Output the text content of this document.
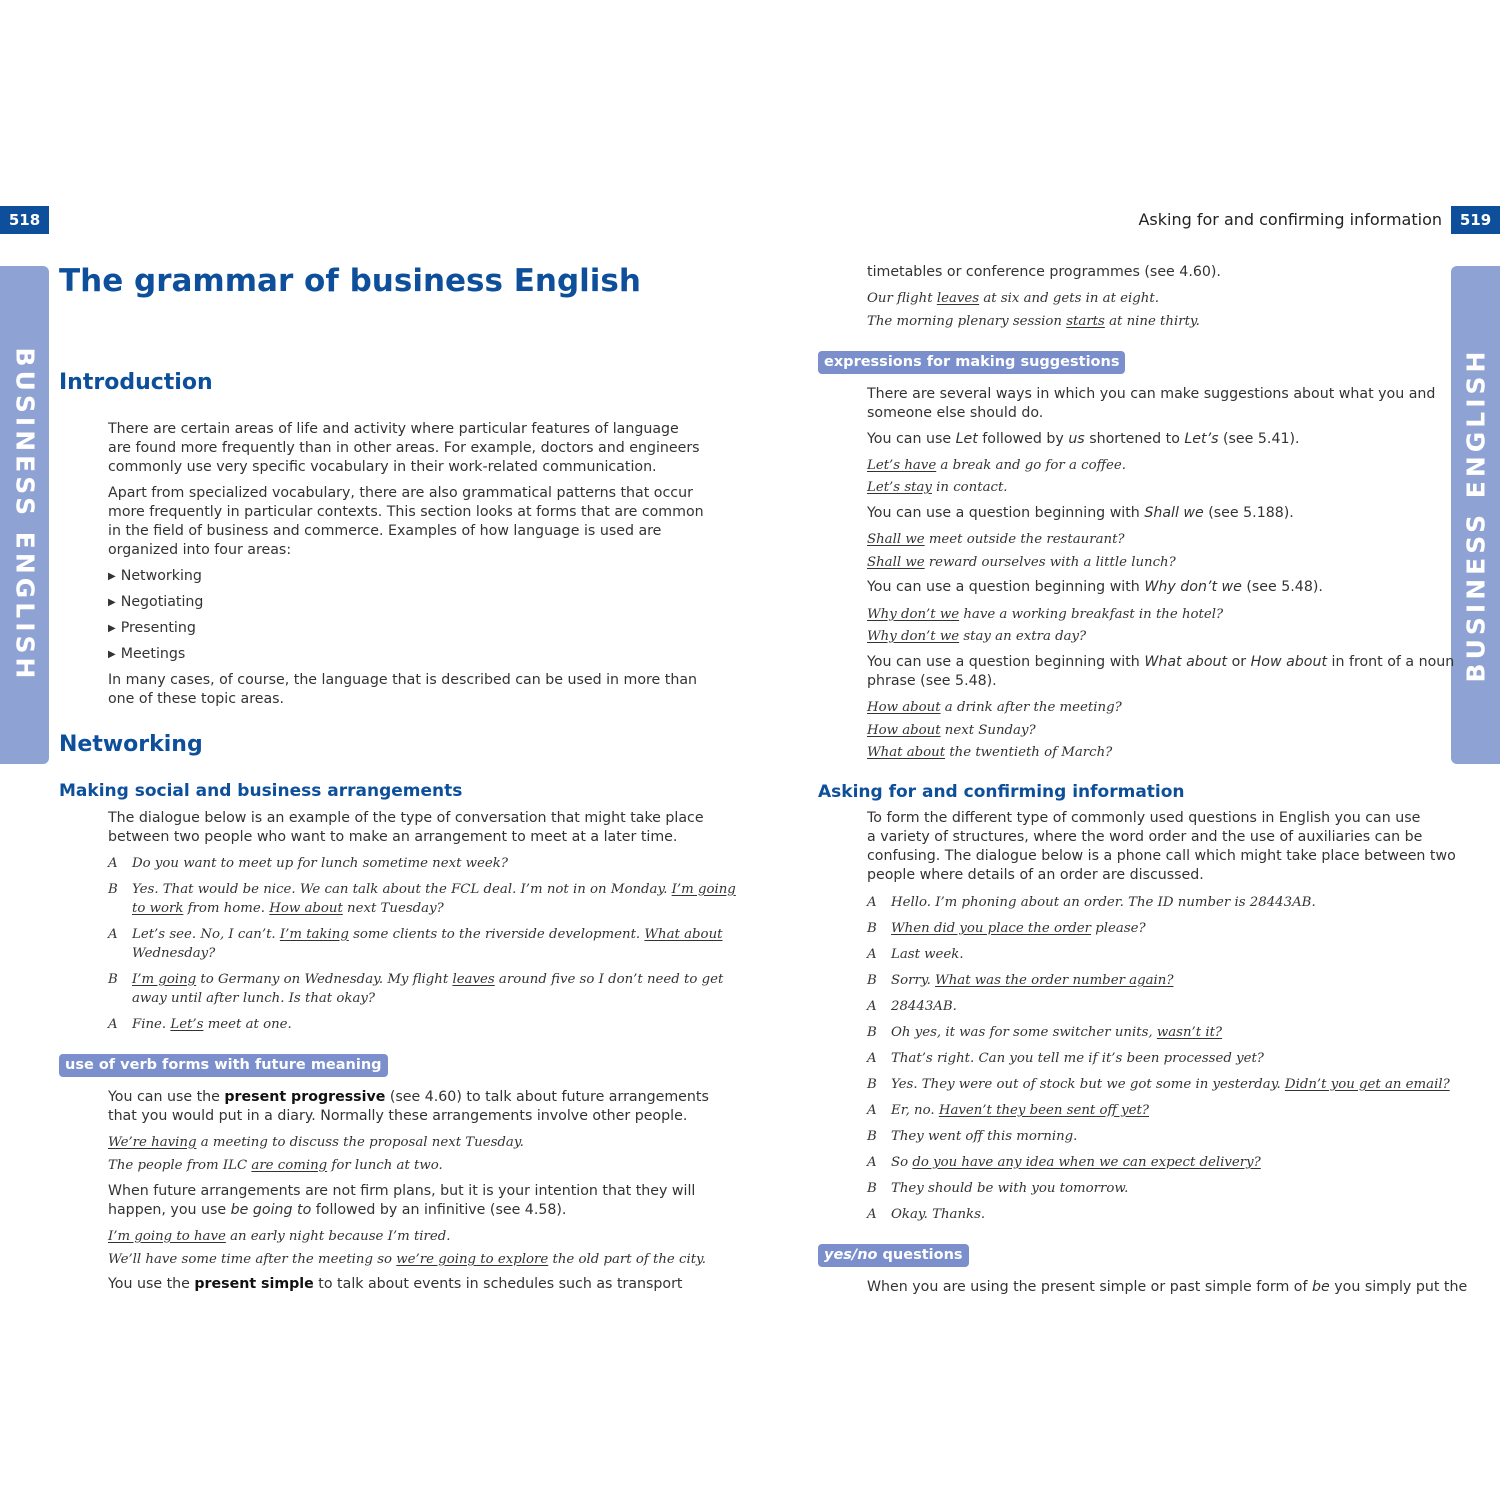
518	519
Asking for and confirming information
BUSINESS ENGLISH	BUSINESS ENGLISH
The grammar of business English
Introduction
There are certain areas of life and activity where particular features of language
are found more frequently than in other areas. For example, doctors and engineers
commonly use very specific vocabulary in their work-related communication.
Apart from specialized vocabulary, there are also grammatical patterns that occur
more frequently in particular contexts. This section looks at forms that are common
in the field of business and commerce. Examples of how language is used are
organized into four areas:
▶ Networking
▶ Negotiating
▶ Presenting
▶ Meetings
In many cases, of course, the language that is described can be used in more than
one of these topic areas.
Networking
Making social and business arrangements
The dialogue below is an example of the type of conversation that might take place
between two people who want to make an arrangement to meet at a later time.
A	Do you want to meet up for lunch sometime next week?
B	Yes. That would be nice. We can talk about the FCL deal. I’m not in on Monday. I’m going
to work from home. How about next Tuesday?
A	Let’s see. No, I can’t. I’m taking some clients to the riverside development. What about
Wednesday?
B	I’m going to Germany on Wednesday. My flight leaves around five so I don’t need to get
away until after lunch. Is that okay?
A	Fine. Let’s meet at one.
use of verb forms with future meaning
You can use the present progressive (see 4.60) to talk about future arrangements
that you would put in a diary. Normally these arrangements involve other people.
We’re having a meeting to discuss the proposal next Tuesday.
The people from ILC are coming for lunch at two.
When future arrangements are not firm plans, but it is your intention that they will
happen, you use be going to followed by an infinitive (see 4.58).
I’m going to have an early night because I’m tired.
We’ll have some time after the meeting so we’re going to explore the old part of the city.
You use the present simple to talk about events in schedules such as transport
timetables or conference programmes (see 4.60).
Our flight leaves at six and gets in at eight.
The morning plenary session starts at nine thirty.
expressions for making suggestions
There are several ways in which you can make suggestions about what you and
someone else should do.
You can use Let followed by us shortened to Let’s (see 5.41).
Let’s have a break and go for a coffee.
Let’s stay in contact.
You can use a question beginning with Shall we (see 5.188).
Shall we meet outside the restaurant?
Shall we reward ourselves with a little lunch?
You can use a question beginning with Why don’t we (see 5.48).
Why don’t we have a working breakfast in the hotel?
Why don’t we stay an extra day?
You can use a question beginning with What about or How about in front of a noun
phrase (see 5.48).
How about a drink after the meeting?
How about next Sunday?
What about the twentieth of March?
Asking for and confirming information
To form the different type of commonly used questions in English you can use
a variety of structures, where the word order and the use of auxiliaries can be
confusing. The dialogue below is a phone call which might take place between two
people where details of an order are discussed.
A	Hello. I’m phoning about an order. The ID number is 28443AB.
B	When did you place the order please?
A	Last week.
B	Sorry. What was the order number again?
A	28443AB.
B	Oh yes, it was for some switcher units, wasn’t it?
A	That’s right. Can you tell me if it’s been processed yet?
B	Yes. They were out of stock but we got some in yesterday. Didn’t you get an email?
A	Er, no. Haven’t they been sent off yet?
B	They went off this morning.
A	So do you have any idea when we can expect delivery?
B	They should be with you tomorrow.
A	Okay. Thanks.
yes/no questions
When you are using the present simple or past simple form of be you simply put the
